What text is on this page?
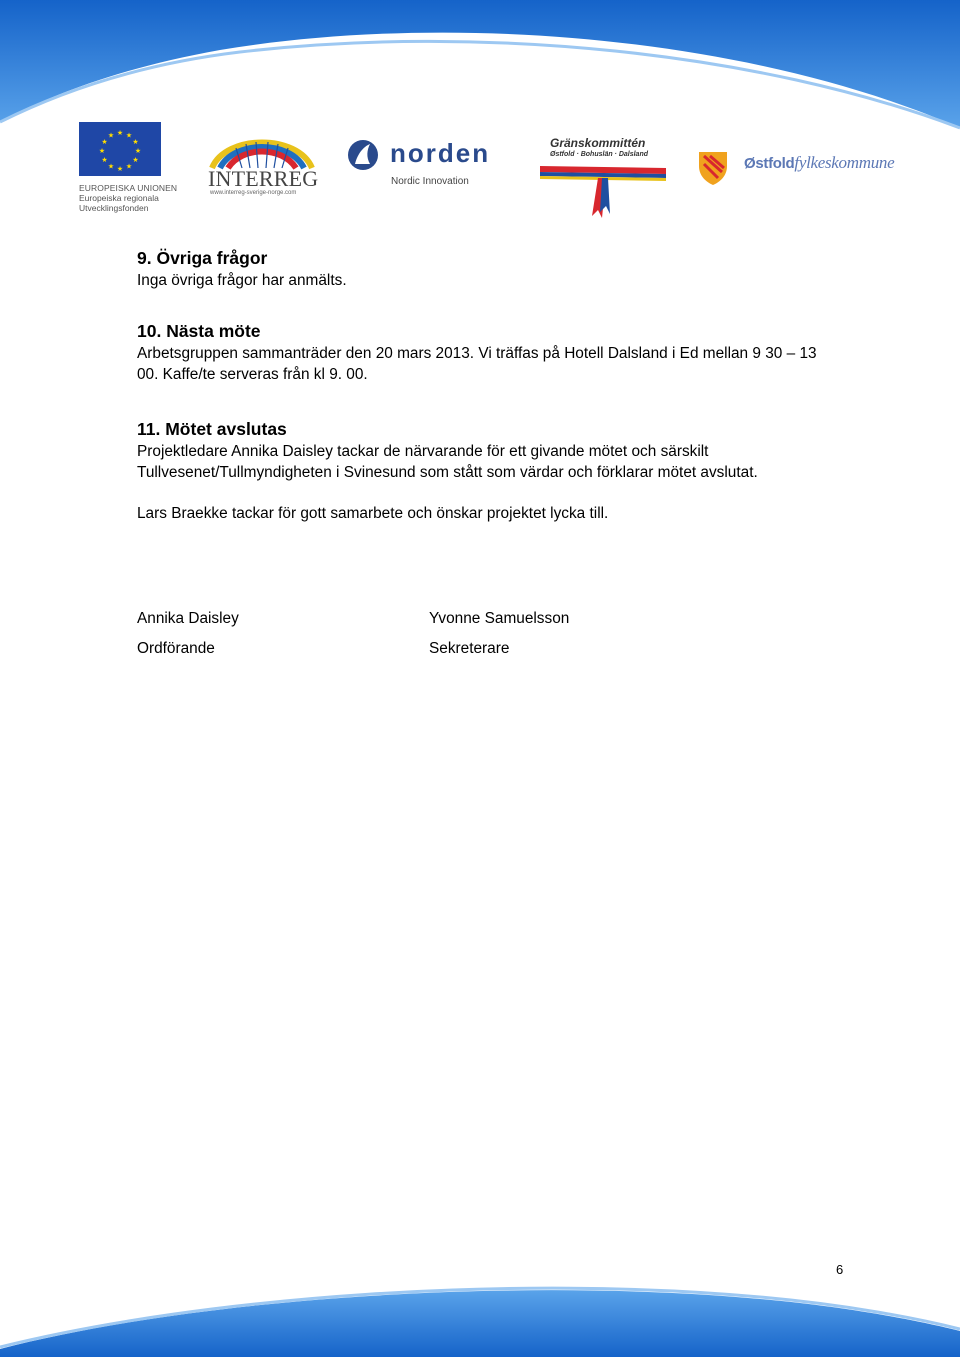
★ ★
★
★
★
★
★
★
★
★
★
★
EUROPEISKA UNIONEN
Europeiska regionala
Utvecklingsfonden
INTERREG
www.interreg-sverige-norge.com
norden
Nordic Innovation
Gränskommittén
Østfold · Bohuslän · Dalsland
Østfoldfylkeskommune
9. Övriga frågor

Inga övriga frågor har anmälts.

10. Nästa möte

Arbetsgruppen sammanträder den 20 mars 2013. Vi träffas på Hotell Dalsland i Ed mellan 9 30 – 13 00. Kaffe/te serveras från kl 9. 00.

11. Mötet avslutas

Projektledare Annika Daisley tackar de närvarande för ett givande mötet och särskilt Tullvesenet/Tullmyndigheten i Svinesund som stått som värdar och förklarar mötet avslutat.

Lars Braekke tackar för gott samarbete och önskar projektet lycka till.

Annika Daisley
Ordförande
Yvonne Samuelsson
Sekreterare
6
